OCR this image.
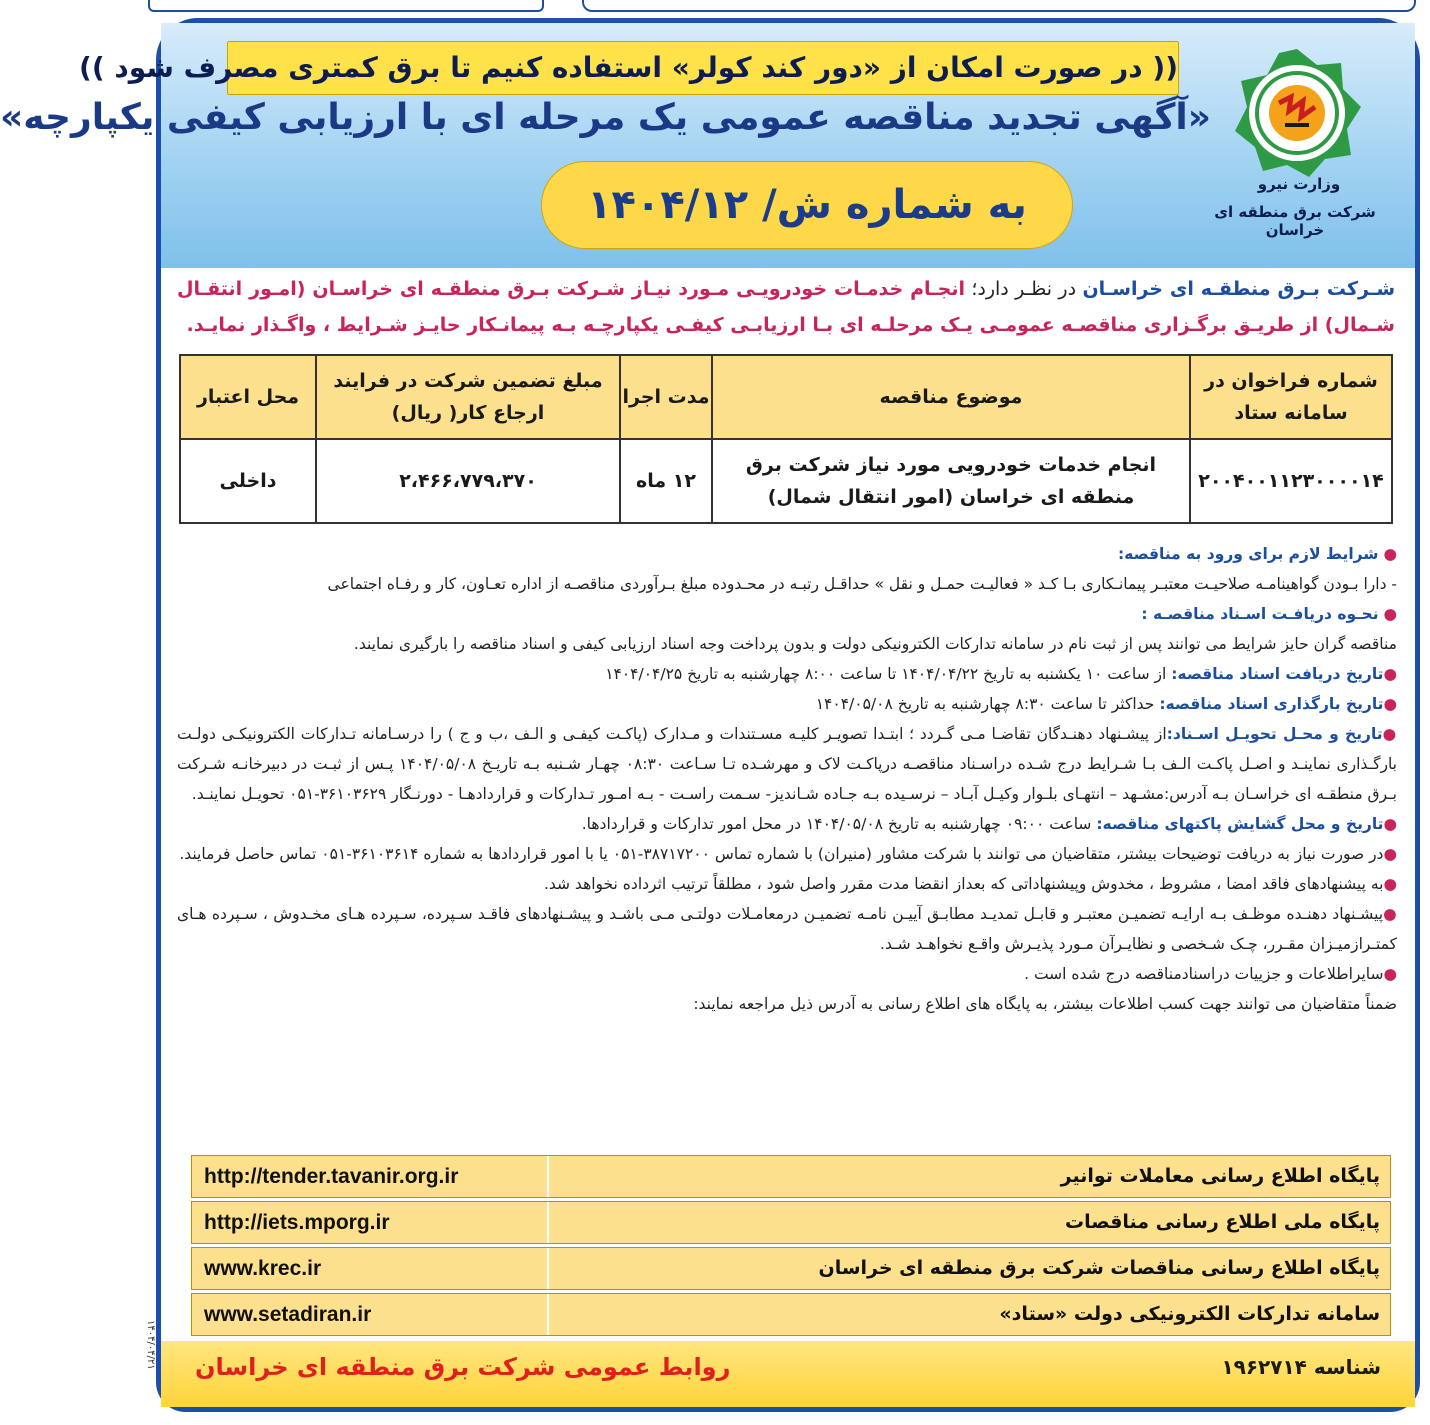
(( در صورت امکان از «دور کند کولر» استفاده کنیم تا برق کمتری مصرف شود ))
«آگهی تجدید مناقصه عمومی یک مرحله ای با ارزیابی کیفی یکپارچه»
به شماره ش/ ۱۴۰۴/۱۲	وزارت نیرو
شرکت برق منطقه ای خراسان
شـرکت بـرق منطقـه ای خراسـان در نظـر دارد؛ انجـام خدمـات خودرویـی مـورد نیـاز شـرکت بـرق منطقـه ای خراسـان (امـور انتقـال شـمال) از طریـق برگـزاری مناقصـه عمومـی یـک مرحلـه ای بـا ارزیابـی کیفـی یکپارچـه بـه پیمانـکار حایـز شـرایط ، واگـذار نمایـد.
شماره فراخوان در سامانه ستاد	موضوع مناقصه	مدت اجرا	مبلغ تضمین شرکت در فرایند ارجاع کار( ریال)	محل اعتبار
۲۰۰۴۰۰۱۱۲۳۰۰۰۰۱۴	انجام خدمات خودرویی مورد نیاز شرکت برق منطقه ای خراسان (امور انتقال شمال)	۱۲ ماه	۲،۴۶۶،۷۷۹،۳۷۰	داخلی

● شرایط لازم برای ورود به مناقصه:

- دارا بـودن گواهینامـه صلاحیـت معتبـر پیمانـکاری بـا کـد « فعالیـت حمـل و نقل » حداقـل رتبـه در محـدوده مبلغ بـرآوردی مناقصـه از اداره تعـاون، کار و رفـاه اجتماعی

● نحـوه دریافـت اسـناد مناقصـه :

مناقصه گران حایز شرایط می توانند پس از ثبت نام در سامانه تدارکات الکترونیکی دولت و بدون پرداخت وجه اسناد ارزیابی کیفی و اسناد مناقصه را بارگیری نمایند.

●تاریخ دریافت اسناد مناقصه: از ساعت ۱۰ یکشنبه به تاریخ ۱۴۰۴/۰۴/۲۲ تا ساعت ۸:۰۰ چهارشنبه به تاریخ ۱۴۰۴/۰۴/۲۵

●تاریخ بارگذاری اسناد مناقصه: حداکثر تا ساعت ۸:۳۰ چهارشنبه به تاریخ ۱۴۰۴/۰۵/۰۸

●تاریخ و محـل تحویـل اسـناد:از پیشـنهاد دهنـدگان تقاضـا مـی گـردد ؛ ابتـدا تصویـر کلیـه مسـتندات و مـدارک (پاکـت کیفـی و الـف ،ب و ج ) را درسـامانه تـدارکات الکترونیکـی دولـت بارگـذاری نماینـد و اصـل پاکـت الـف بـا شـرایط درج شـده دراسـناد مناقصـه درپاکـت لاک و مهرشـده تـا سـاعت ۰۸:۳۰ چهـار شـنبه بـه تاریـخ ۱۴۰۴/۰۵/۰۸ پـس از ثبـت در دبیرخانـه شـرکت بـرق منطقـه ای خراسـان بـه آدرس:مشـهد – انتهـای بلـوار وکیـل آبـاد – نرسـیده بـه جـاده شـاندیز- سـمت راسـت - بـه امـور تـدارکات و قراردادهـا - دورنـگار ۳۶۱۰۳۶۲۹-۰۵۱ تحویـل نماینـد.

●تاریخ و محل گشایش پاکتهای مناقصه: ساعت ۰۹:۰۰ چهارشنبه به تاریخ ۱۴۰۴/۰۵/۰۸ در محل امور تدارکات و قراردادها.

●در صورت نیاز به دریافت توضیحات بیشتر، متقاضیان می توانند با شرکت مشاور (منیران) با شماره تماس ۳۸۷۱۷۲۰۰-۰۵۱ یا با امور قراردادها به شماره ۳۶۱۰۳۶۱۴-۰۵۱ تماس حاصل فرمایند.

●به پیشنهادهای فاقد امضا ، مشروط ، مخدوش وپیشنهاداتی که بعداز انقضا مدت مقرر واصل شود ، مطلقاً ترتیب اثرداده نخواهد شد.

●پیشـنهاد دهنـده موظـف بـه ارایـه تضمیـن معتبـر و قابـل تمدیـد مطابـق آییـن نامـه تضمیـن درمعامـلات دولتـی مـی باشـد و پیشـنهادهای فاقـد سـپرده، سـپرده هـای مخـدوش ، سـپرده هـای کمتـرازمیـزان مقـرر، چـک شـخصی و نظایـرآن مـورد پذیـرش واقـع نخواهـد شـد.

●سایراطلاعات و جزییات دراسنادمناقصه درج شده است .

ضمناً متقاضیان می توانند جهت کسب اطلاعات بیشتر، به پایگاه های اطلاع رسانی به آدرس ذیل مراجعه نمایند:

پایگاه اطلاع رسانی معاملات توانیر
http://tender.tavanir.org.ir
پایگاه ملی اطلاع رسانی مناقصات
http://iets.mporg.ir
پایگاه اطلاع رسانی مناقصات شرکت برق منطقه ای خراسان
www.krec.ir
سامانه تدارکات الکترونیکی دولت «ستاد»
www.setadiran.ir
شناسه ۱۹۶۲۷۱۴
روابط عمومی شرکت برق منطقه ای خراسان
۱۴۰۴/۰۴/۲۱
